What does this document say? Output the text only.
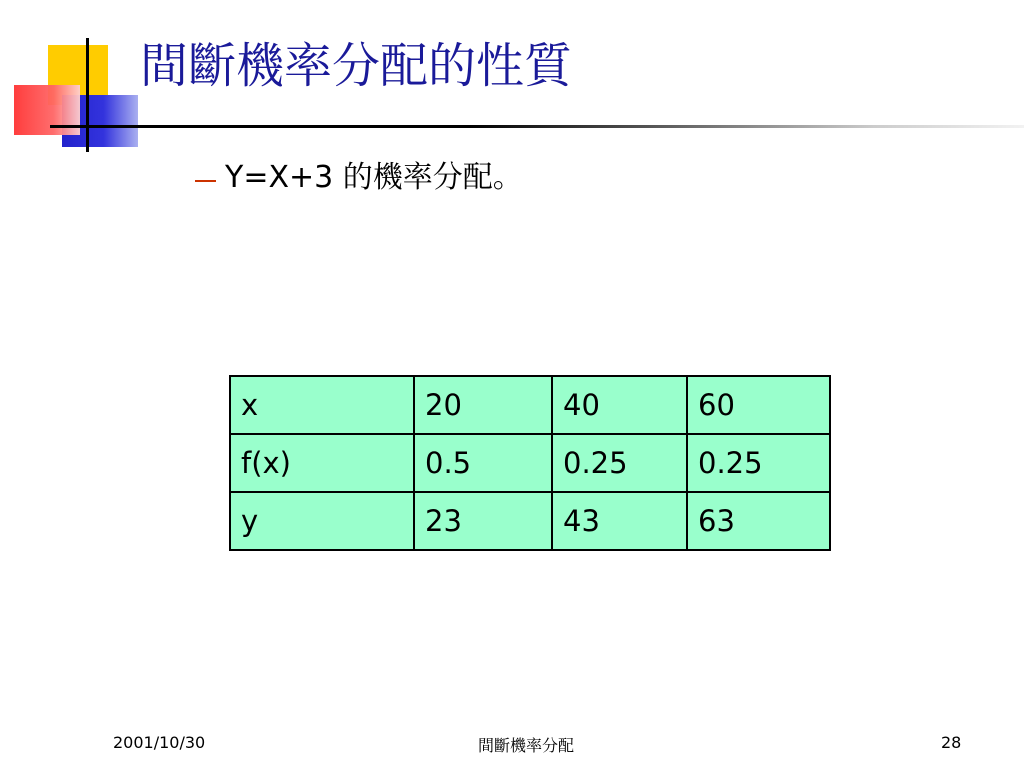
間斷機率分配的性質
Y=X+3 的機率分配。
x	20	40	60
f(x)	0.5	0.25	0.25
y	23	43	63
2001/10/30	間斷機率分配	28
